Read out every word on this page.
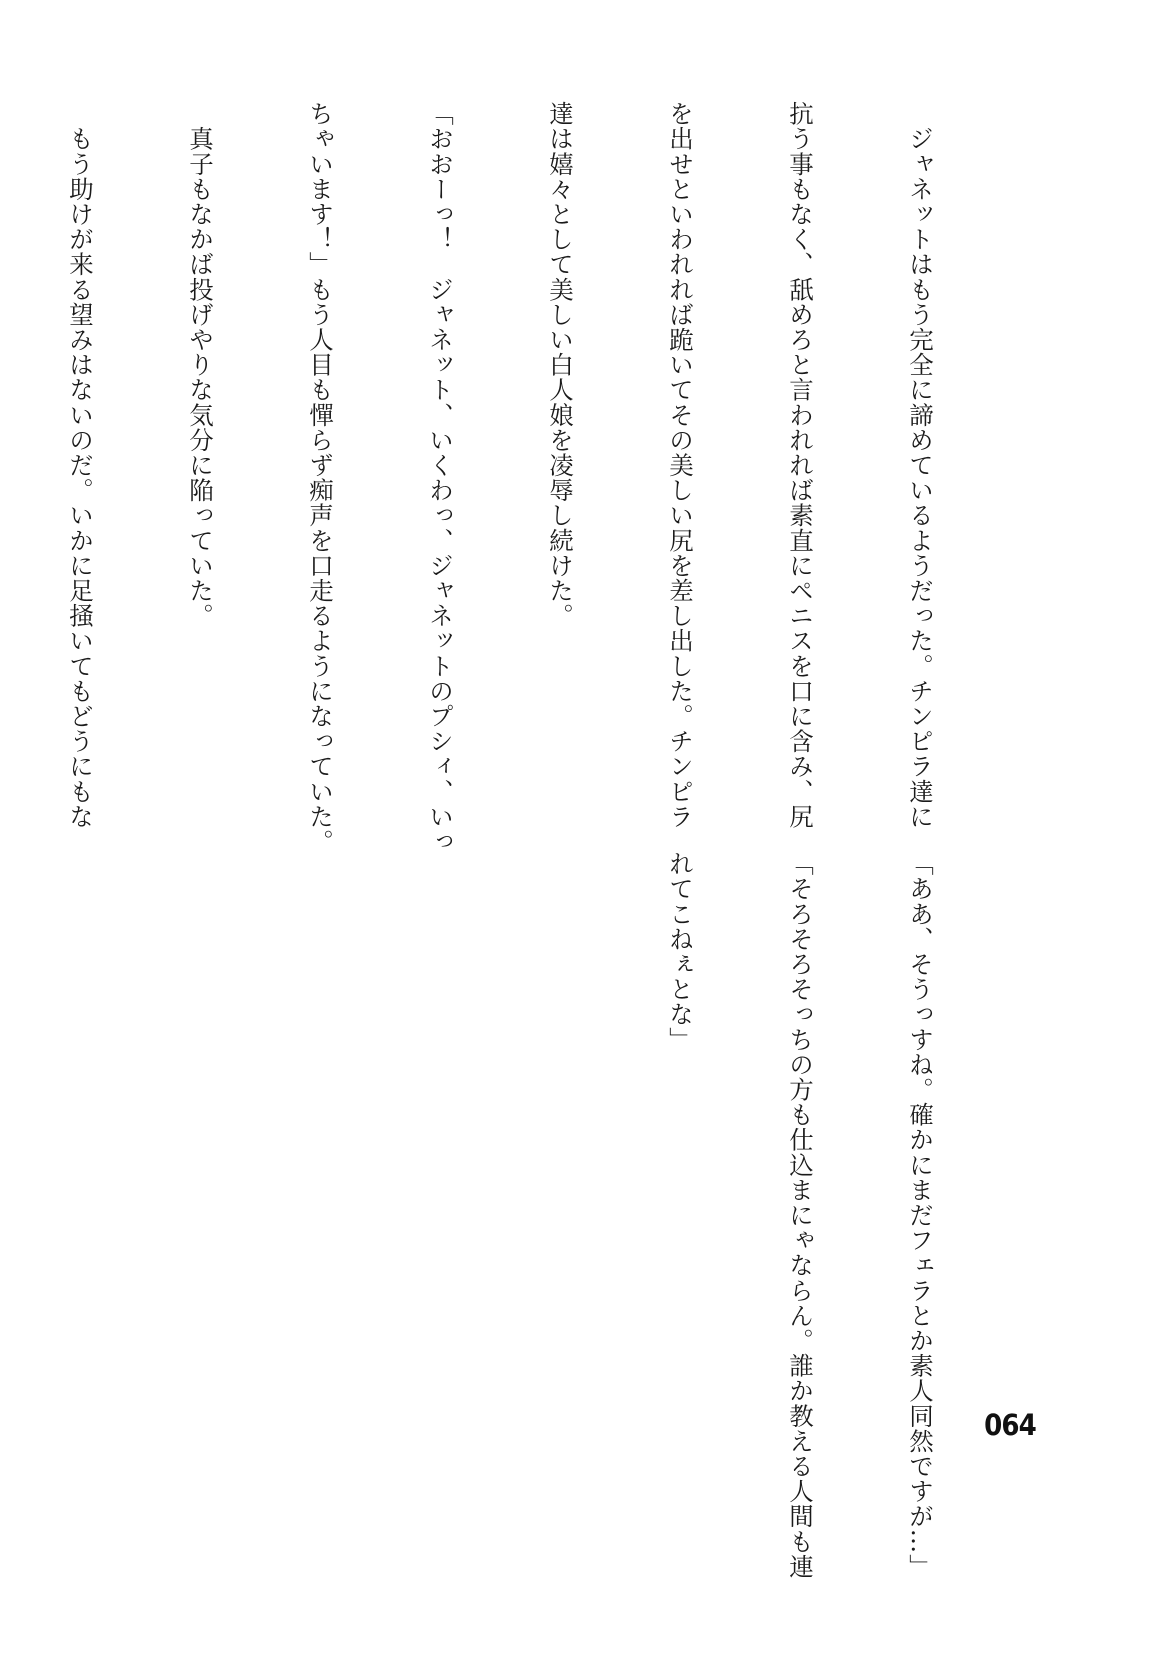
　ジャネットはもう完全に諦めているようだった。チンピラ達に

抗う事もなく、舐めろと言われれば素直にペニスを口に含み、尻

を出せといわれれば跪いてその美しい尻を差し出した。チンピラ

達は嬉々として美しい白人娘を凌辱し続けた。

「おおーっ！　ジャネット、いくわっ、ジャネットのプシィ、いっ

ちゃいます！」もう人目も憚らず痴声を口走るようになっていた。

　真子もなかば投げやりな気分に陥っていた。

　もう助けが来る望みはないのだ。いかに足掻いてもどうにもな

「ああ、そうっすね。確かにまだフェラとか素人同然ですが…」

「そろそろそっちの方も仕込まにゃならん。誰か教える人間も連

れてこねぇとな」

064
